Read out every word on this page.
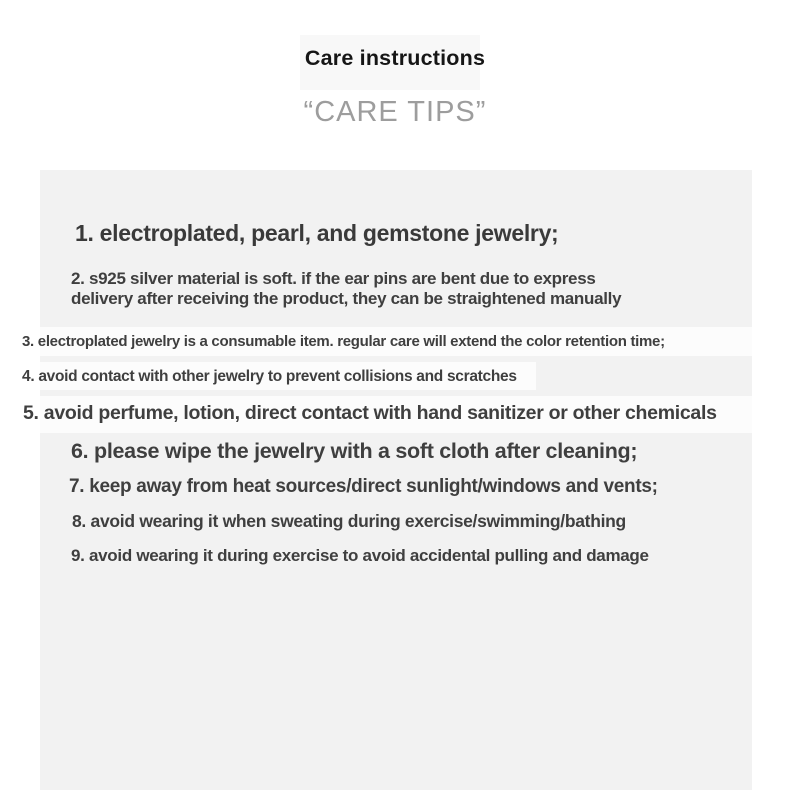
Care instructions
“CARE TIPS”
1. electroplated, pearl, and gemstone jewelry;
2. s925 silver material is soft. if the ear pins are bent due to express
delivery after receiving the product, they can be straightened manually
3. electroplated jewelry is a consumable item. regular care will extend the color retention time;
4. avoid contact with other jewelry to prevent collisions and scratches
5. avoid perfume, lotion, direct contact with hand sanitizer or other chemicals
6. please wipe the jewelry with a soft cloth after cleaning;
7. keep away from heat sources/direct sunlight/windows and vents;
8. avoid wearing it when sweating during exercise/swimming/bathing
9. avoid wearing it during exercise to avoid accidental pulling and damage
